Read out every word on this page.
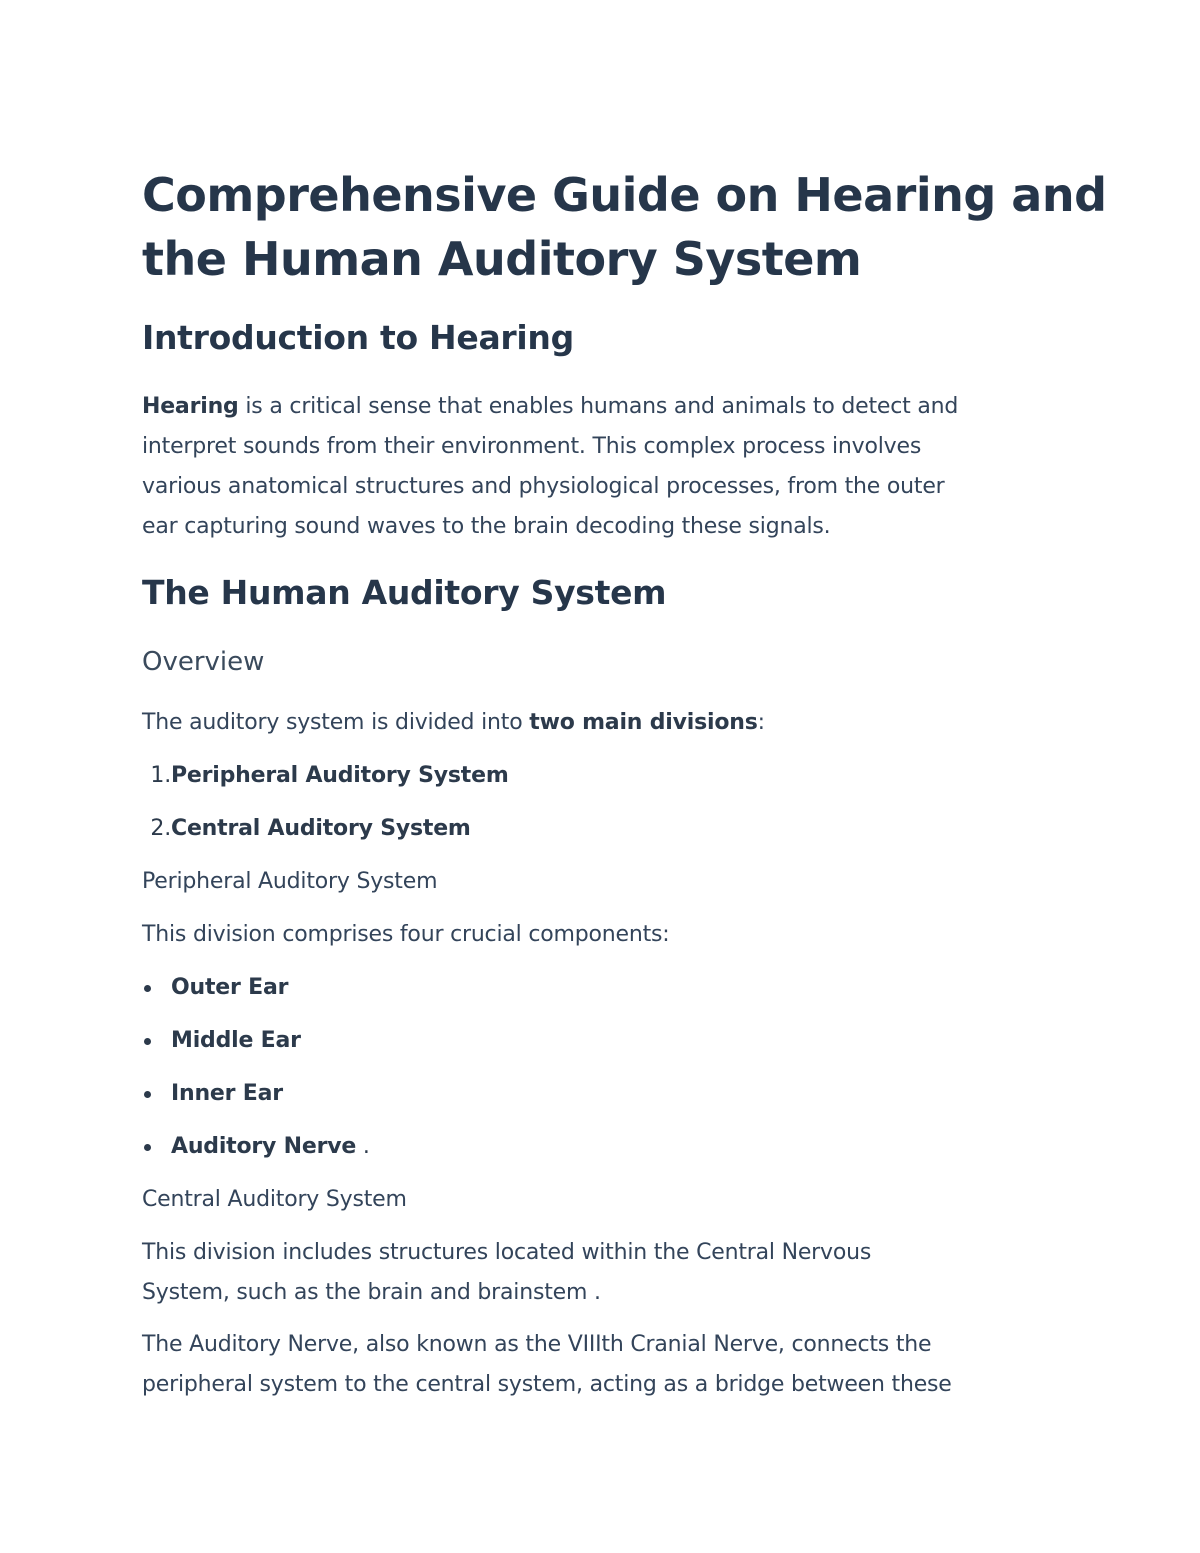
Comprehensive Guide on Hearing and
the Human Auditory System
Introduction to Hearing
Hearing is a critical sense that enables humans and animals to detect and
interpret sounds from their environment. This complex process involves
various anatomical structures and physiological processes, from the outer
ear capturing sound waves to the brain decoding these signals.
The Human Auditory System
Overview
The auditory system is divided into two main divisions:
1. Peripheral Auditory System
2. Central Auditory System
Peripheral Auditory System
This division comprises four crucial components:
Outer Ear
Middle Ear
Inner Ear
Auditory Nerve .
Central Auditory System
This division includes structures located within the Central Nervous
System, such as the brain and brainstem .
The Auditory Nerve, also known as the VIIIth Cranial Nerve, connects the
peripheral system to the central system, acting as a bridge between these
